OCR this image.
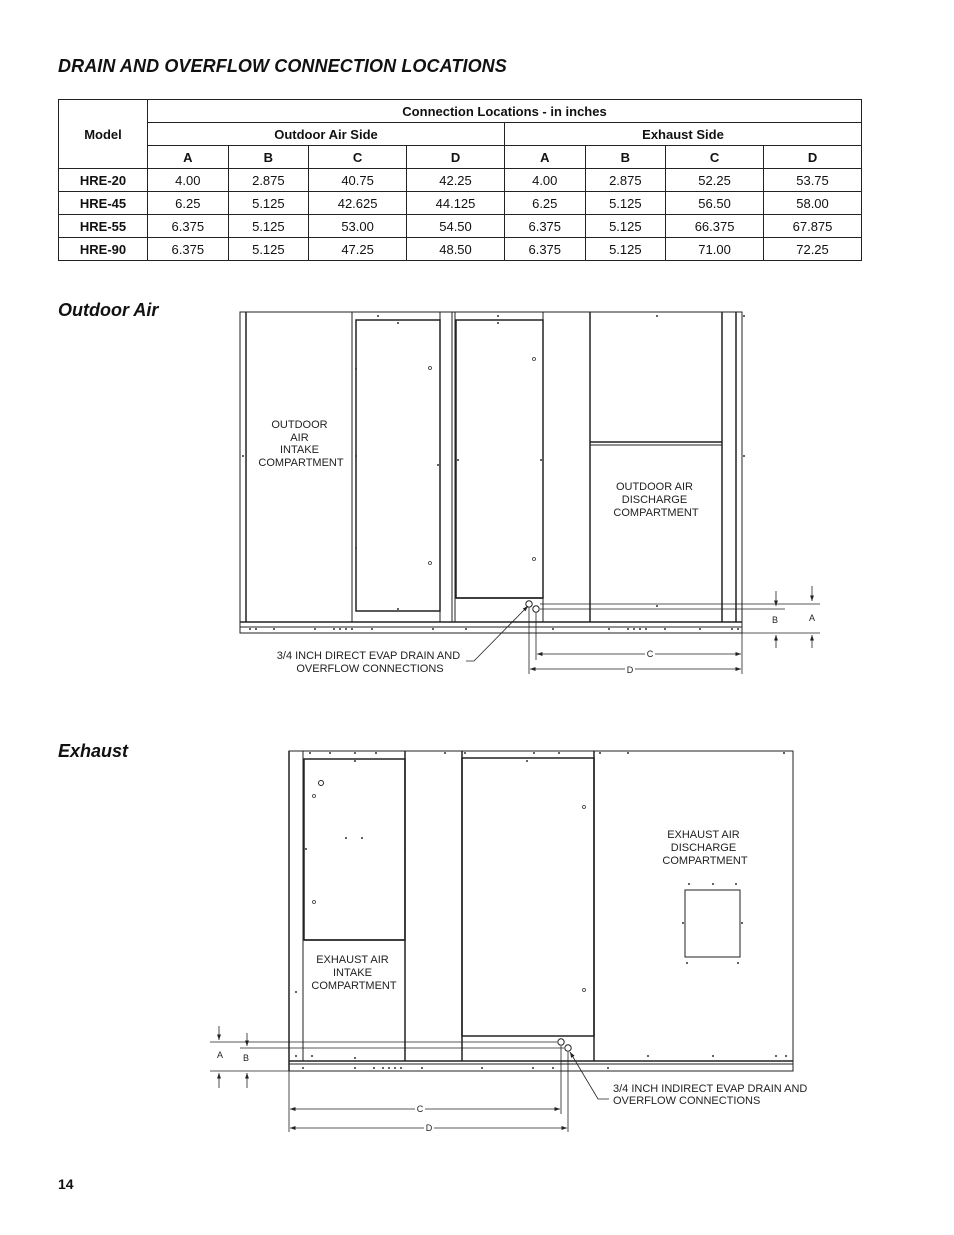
DRAIN AND OVERFLOW CONNECTION LOCATIONS
Model	Connection Locations - in inches							
	Outdoor Air Side				Exhaust Side			
	A	B	C	D	A	B	C	D
HRE-20	4.00	2.875	40.75	42.25	4.00	2.875	52.25	53.75
HRE-45	6.25	5.125	42.625	44.125	6.25	5.125	56.50	58.00
HRE-55	6.375	5.125	53.00	54.50	6.375	5.125	66.375	67.875
HRE-90	6.375	5.125	47.25	48.50	6.375	5.125	71.00	72.25
Outdoor Air
Exhaust
OUTDOOR AIR INTAKE COMPARTMENT
OUTDOOR AIR DISCHARGE COMPARTMENT
3/4 INCH DIRECT EVAP DRAIN AND OVERFLOW CONNECTIONS
B	A
C
D
EXHAUST AIR DISCHARGE COMPARTMENT
EXHAUST AIR INTAKE COMPARTMENT
3/4 INCH INDIRECT EVAP DRAIN AND OVERFLOW CONNECTIONS
A B
C
D
14
